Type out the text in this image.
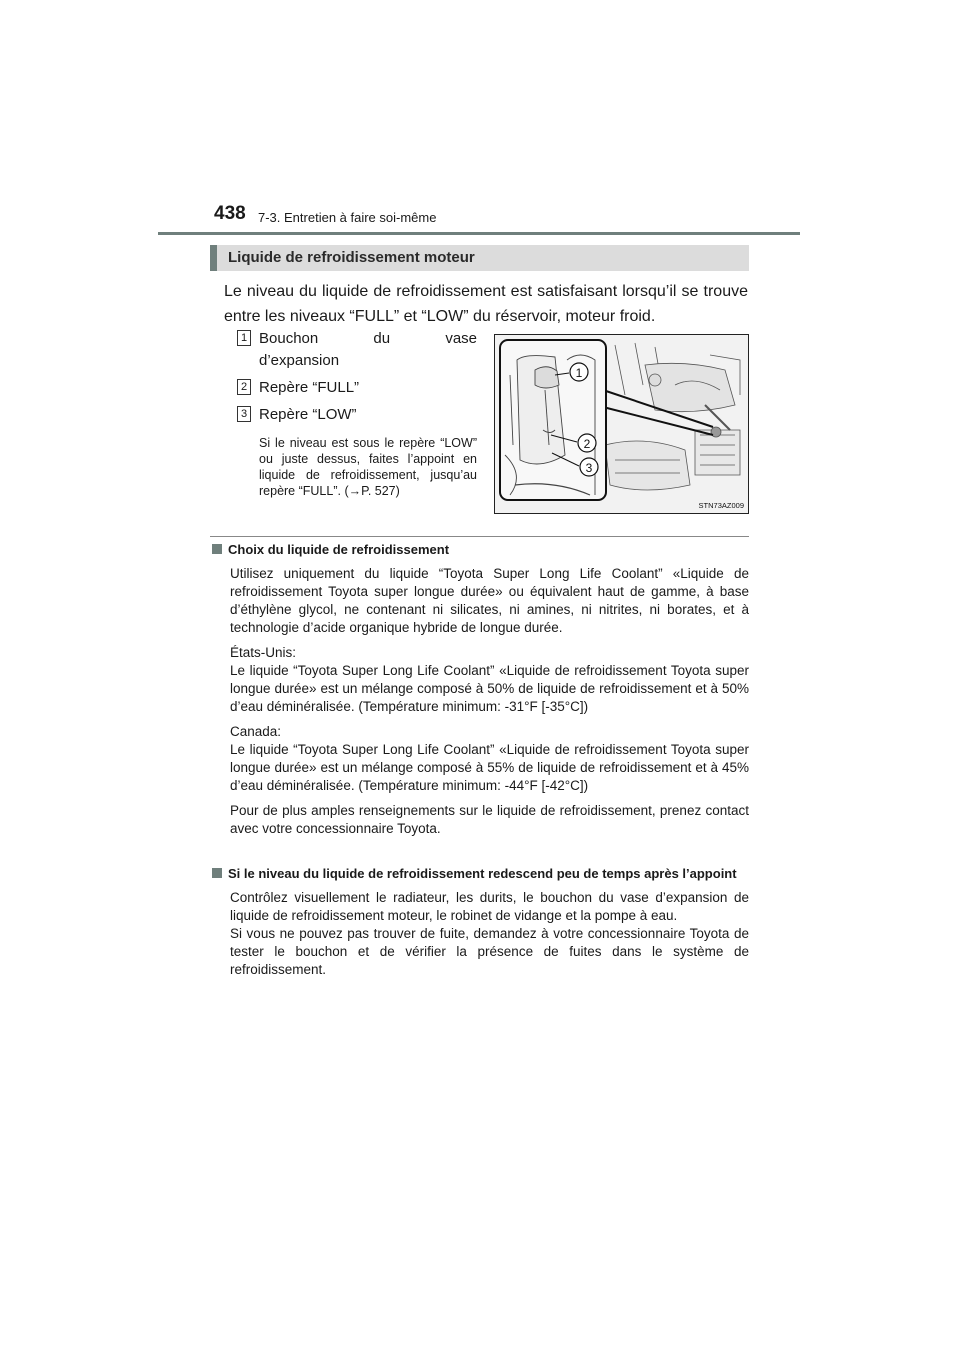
438 7-3. Entretien à faire soi-même
Liquide de refroidissement moteur

Le niveau du liquide de refroidissement est satisfaisant lorsqu’il se trouve entre les niveaux “FULL” et “LOW” du réservoir, moteur froid.

1 Bouchon du vase
d’expansion
2 Repère “FULL”
3 Repère “LOW”

Si le niveau est sous le repère “LOW” ou juste dessus, faites l’appoint en liquide de refroidissement, jusqu’au repère “FULL”. (→P. 527)

1
2
3
STN73AZ009
Choix du liquide de refroidissement

Utilisez uniquement du liquide “Toyota Super Long Life Coolant” «Liquide de refroidissement Toyota super longue durée» ou équivalent haut de gamme, à base d’éthylène glycol, ne contenant ni silicates, ni amines, ni nitrites, ni borates, et à technologie d’acide organique hybride de longue durée.

États-Unis:

Le liquide “Toyota Super Long Life Coolant” «Liquide de refroidissement Toyota super longue durée» est un mélange composé à 50% de liquide de refroidissement et à 50% d’eau déminéralisée. (Température minimum: -31°F [-35°C])

Canada:

Le liquide “Toyota Super Long Life Coolant” «Liquide de refroidissement Toyota super longue durée» est un mélange composé à 55% de liquide de refroidissement et à 45% d’eau déminéralisée. (Température minimum: -44°F [-42°C])

Pour de plus amples renseignements sur le liquide de refroidissement, prenez contact avec votre concessionnaire Toyota.

Si le niveau du liquide de refroidissement redescend peu de temps après l’appoint

Contrôlez visuellement le radiateur, les durits, le bouchon du vase d’expansion de liquide de refroidissement moteur, le robinet de vidange et la pompe à eau.

Si vous ne pouvez pas trouver de fuite, demandez à votre concessionnaire Toyota de tester le bouchon et de vérifier la présence de fuites dans le système de refroidissement.
